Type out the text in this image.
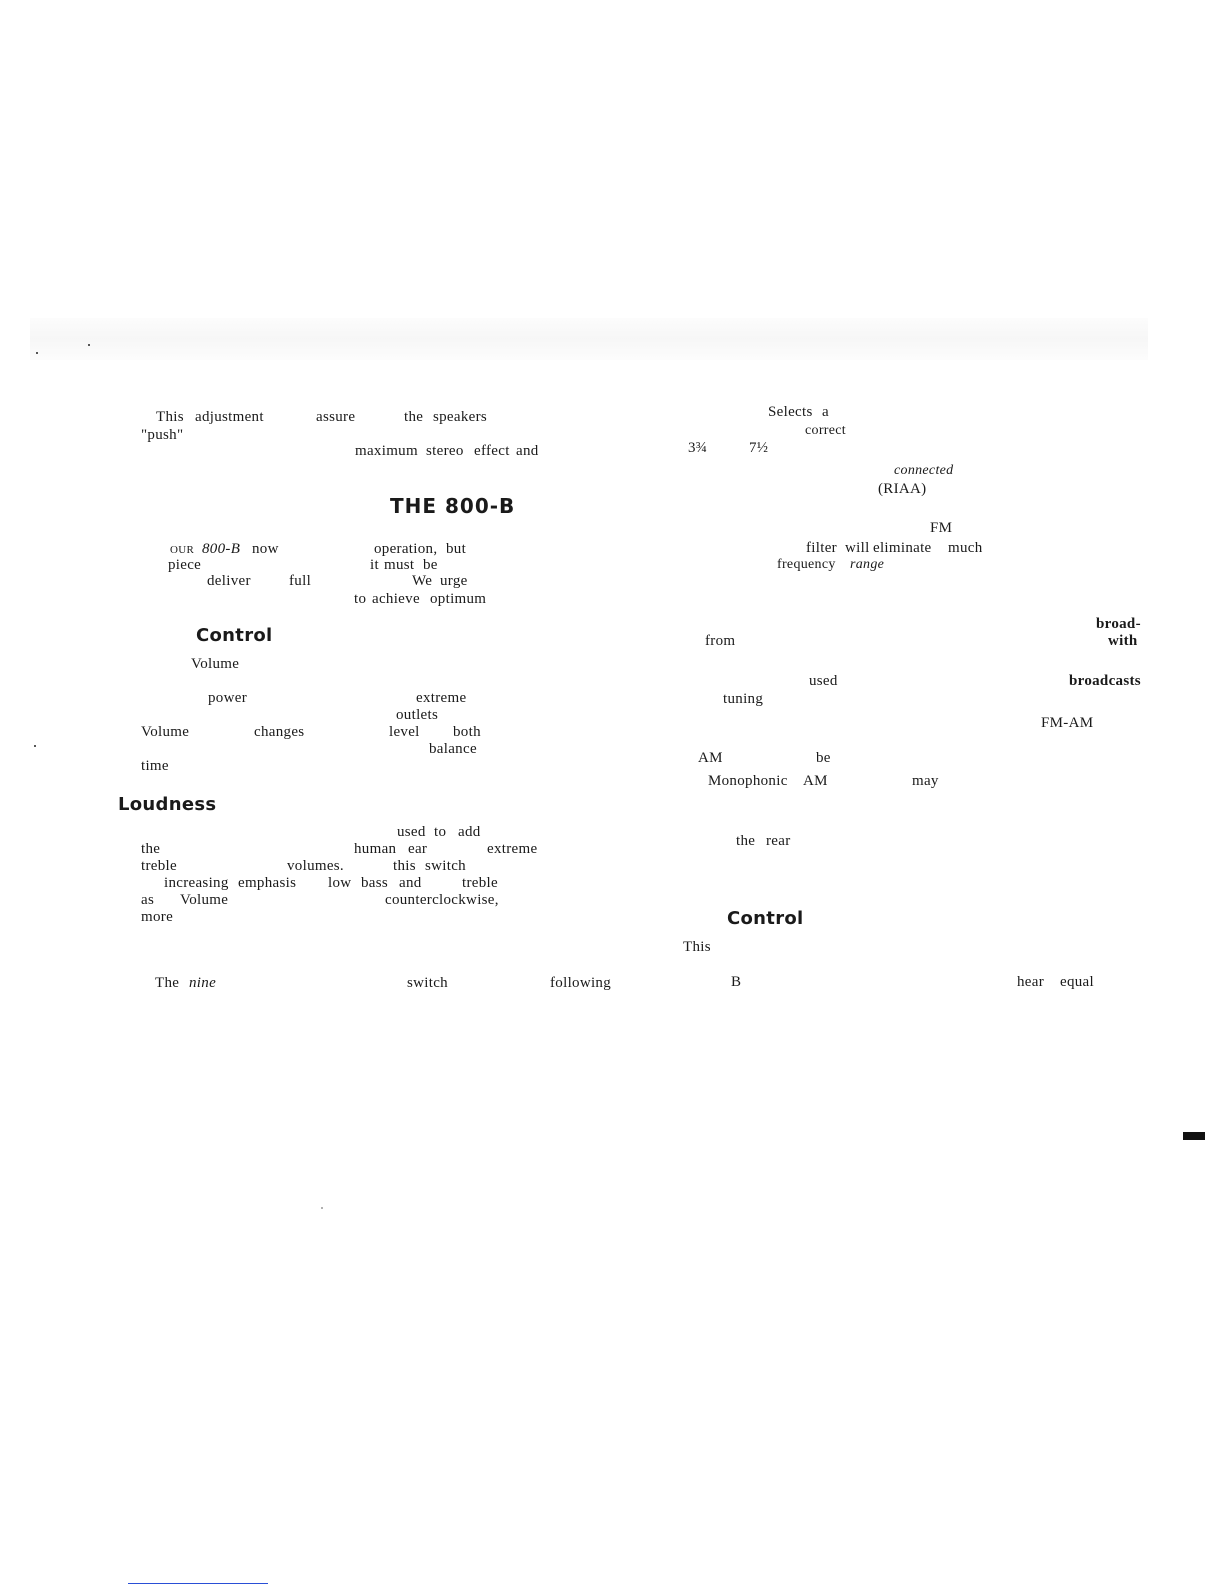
This adjustment	assure	the speakers
"push"
maximum stereo effect and
THE 800-B
our 800-B now	operation, but
piece	it must be
deliver	full	We urge
to achieve optimum
Control
Volume
power	extreme
outlets
Volume	changes	level both
balance
time
Loudness
used to add
the	human ear	extreme
treble	volumes.	this switch
increasing emphasis low bass and	treble
as Volume	counterclockwise,
more
The nine	switch	following
Selects a
correct
3¾	7½
connected
(RIAA)
FM
filter will eliminate much
frequency range
broad-
from	with
used	broadcasts
tuning
FM-AM
AM	be
Monophonic AM	may
the rear
Control
This
B	hear equal
